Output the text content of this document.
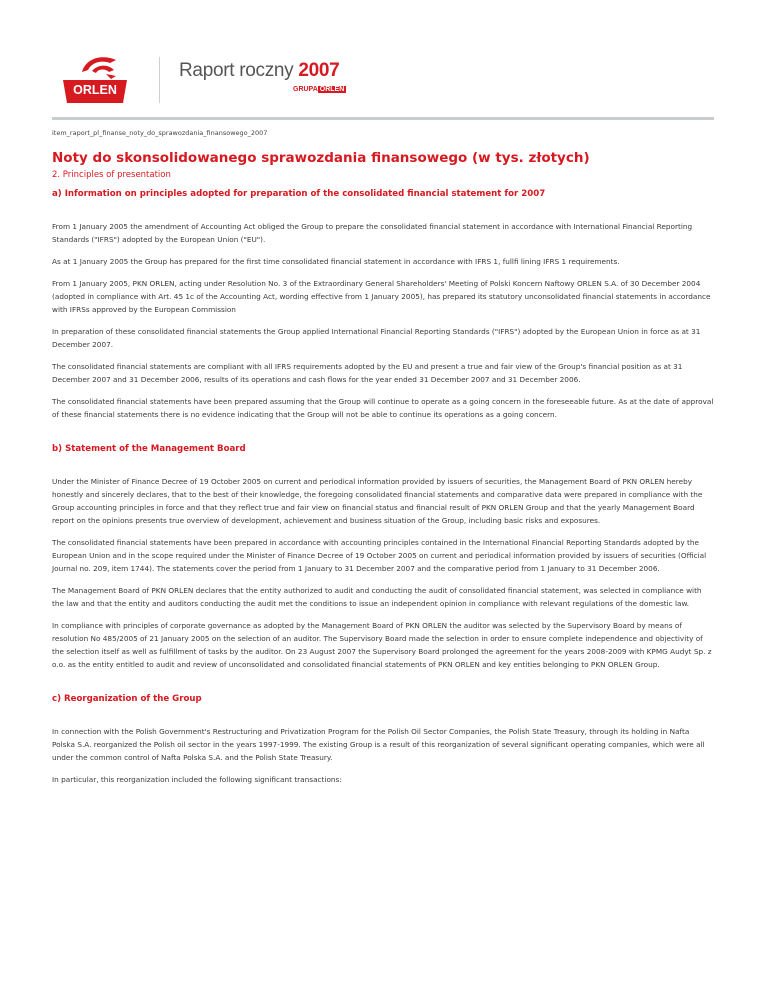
ORLEN
Raport roczny 2007
GRUPA ORLEN
item_raport_pl_finanse_noty_do_sprawozdania_finansowego_2007
Noty do skonsolidowanego sprawozdania finansowego (w tys. złotych)
2. Principles of presentation
a) Information on principles adopted for preparation of the consolidated financial statement for 2007

From 1 January 2005 the amendment of Accounting Act obliged the Group to prepare the consolidated financial statement in accordance with International Financial Reporting Standards ("IFRS") adopted by the European Union ("EU").

As at 1 January 2005 the Group has prepared for the first time consolidated financial statement in accordance with IFRS 1, fullfi lining IFRS 1 requirements.

From 1 January 2005, PKN ORLEN, acting under Resolution No. 3 of the Extraordinary General Shareholders' Meeting of Polski Koncern Naftowy ORLEN S.A. of 30 December 2004 (adopted in compliance with Art. 45 1c of the Accounting Act, wording effective from 1 January 2005), has prepared its statutory unconsolidated financial statements in accordance with IFRSs approved by the European Commission

In preparation of these consolidated financial statements the Group applied International Financial Reporting Standards ("IFRS") adopted by the European Union in force as at 31 December 2007.

The consolidated financial statements are compliant with all IFRS requirements adopted by the EU and present a true and fair view of the Group's financial position as at 31 December 2007 and 31 December 2006, results of its operations and cash flows for the year ended 31 December 2007 and 31 December 2006.

The consolidated financial statements have been prepared assuming that the Group will continue to operate as a going concern in the foreseeable future. As at the date of approval of these financial statements there is no evidence indicating that the Group will not be able to continue its operations as a going concern.

b) Statement of the Management Board

Under the Minister of Finance Decree of 19 October 2005 on current and periodical information provided by issuers of securities, the Management Board of PKN ORLEN hereby honestly and sincerely declares, that to the best of their knowledge, the foregoing consolidated financial statements and comparative data were prepared in compliance with the Group accounting principles in force and that they reflect true and fair view on financial status and financial result of PKN ORLEN Group and that the yearly Management Board report on the opinions presents true overview of development, achievement and business situation of the Group, including basic risks and exposures.

The consolidated financial statements have been prepared in accordance with accounting principles contained in the International Financial Reporting Standards adopted by the European Union and in the scope required under the Minister of Finance Decree of 19 October 2005 on current and periodical information provided by issuers of securities (Official Journal no. 209, item 1744). The statements cover the period from 1 January to 31 December 2007 and the comparative period from 1 January to 31 December 2006.

The Management Board of PKN ORLEN declares that the entity authorized to audit and conducting the audit of consolidated financial statement, was selected in compliance with the law and that the entity and auditors conducting the audit met the conditions to issue an independent opinion in compliance with relevant regulations of the domestic law.

In compliance with principles of corporate governance as adopted by the Management Board of PKN ORLEN the auditor was selected by the Supervisory Board by means of resolution No 485/2005 of 21 January 2005 on the selection of an auditor. The Supervisory Board made the selection in order to ensure complete independence and objectivity of the selection itself as well as fulfillment of tasks by the auditor. On 23 August 2007 the Supervisory Board prolonged the agreement for the years 2008-2009 with KPMG Audyt Sp. z o.o. as the entity entitled to audit and review of unconsolidated and consolidated financial statements of PKN ORLEN and key entities belonging to PKN ORLEN Group.

c) Reorganization of the Group

In connection with the Polish Government's Restructuring and Privatization Program for the Polish Oil Sector Companies, the Polish State Treasury, through its holding in Nafta Polska S.A. reorganized the Polish oil sector in the years 1997-1999. The existing Group is a result of this reorganization of several significant operating companies, which were all under the common control of Nafta Polska S.A. and the Polish State Treasury.

In particular, this reorganization included the following significant transactions:
